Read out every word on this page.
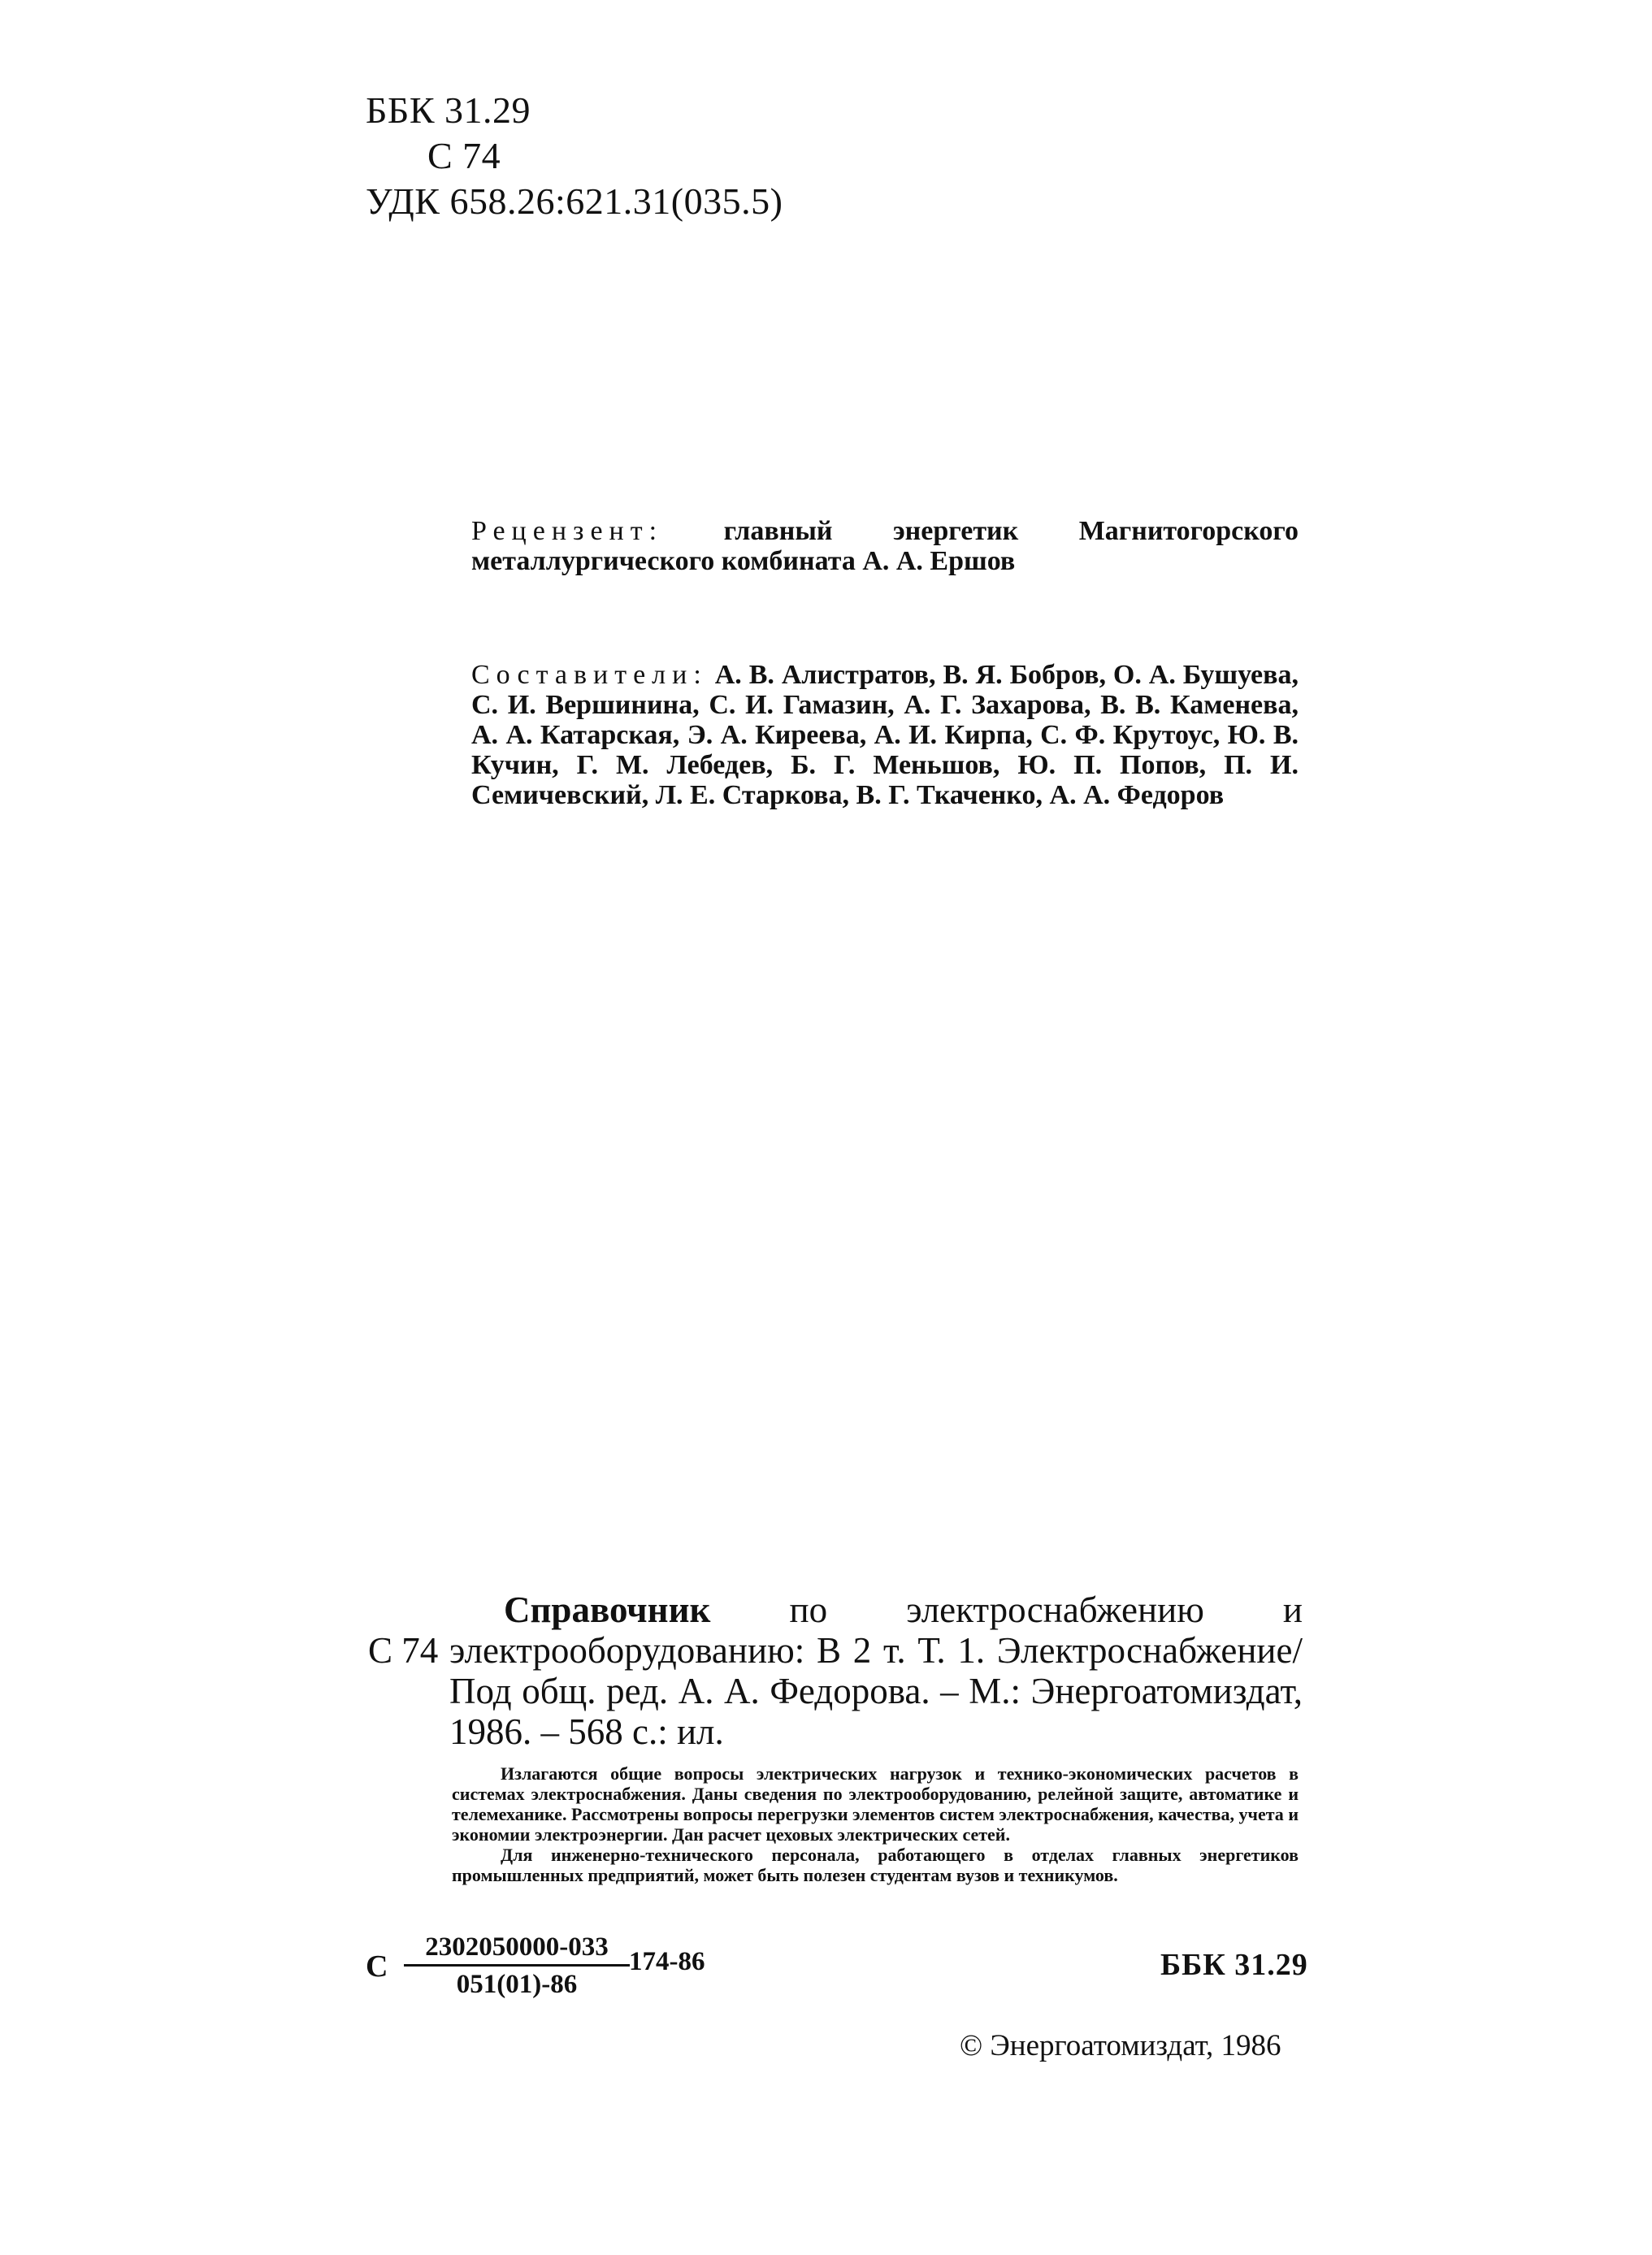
ББК 31.29
С 74
УДК 658.26:621.31(035.5)
Рецензент: главный энергетик Магнитогорского металлургического комбината А. А. Ершов
Составители: А. В. Алистратов, В. Я. Бобров, О. А. Бушуева, С. И. Вершинина, С. И. Гамазин, А. Г. Захарова, В. В. Каменева, А. А. Катарская, Э. А. Киреева, А. И. Кирпа, С. Ф. Крутоус, Ю. В. Кучин, Г. М. Лебедев, Б. Г. Меньшов, Ю. П. Попов, П. И. Семичевский, Л. Е. Старкова, В. Г. Ткаченко, А. А. Федоров
С 74
Справочник по электроснабжению и электрооборудованию: В 2 т. Т. 1. Электроснабжение/Под общ. ред. А. А. Федорова. – М.: Энергоатомиздат, 1986. – 568 с.: ил.

Излагаются общие вопросы электрических нагрузок и технико-экономических расчетов в системах электроснабжения. Даны сведения по электрооборудованию, релейной защите, автоматике и телемеханике. Рассмотрены вопросы перегрузки элементов систем электроснабжения, качества, учета и экономии электроэнергии. Дан расчет цеховых электрических сетей.

Для инженерно-технического персонала, работающего в отделах главных энергетиков промышленных предприятий, может быть полезен студентам вузов и техникумов.

С
2302050000-033
051(01)-86
174-86	ББК 31.29
© Энергоатомиздат, 1986
